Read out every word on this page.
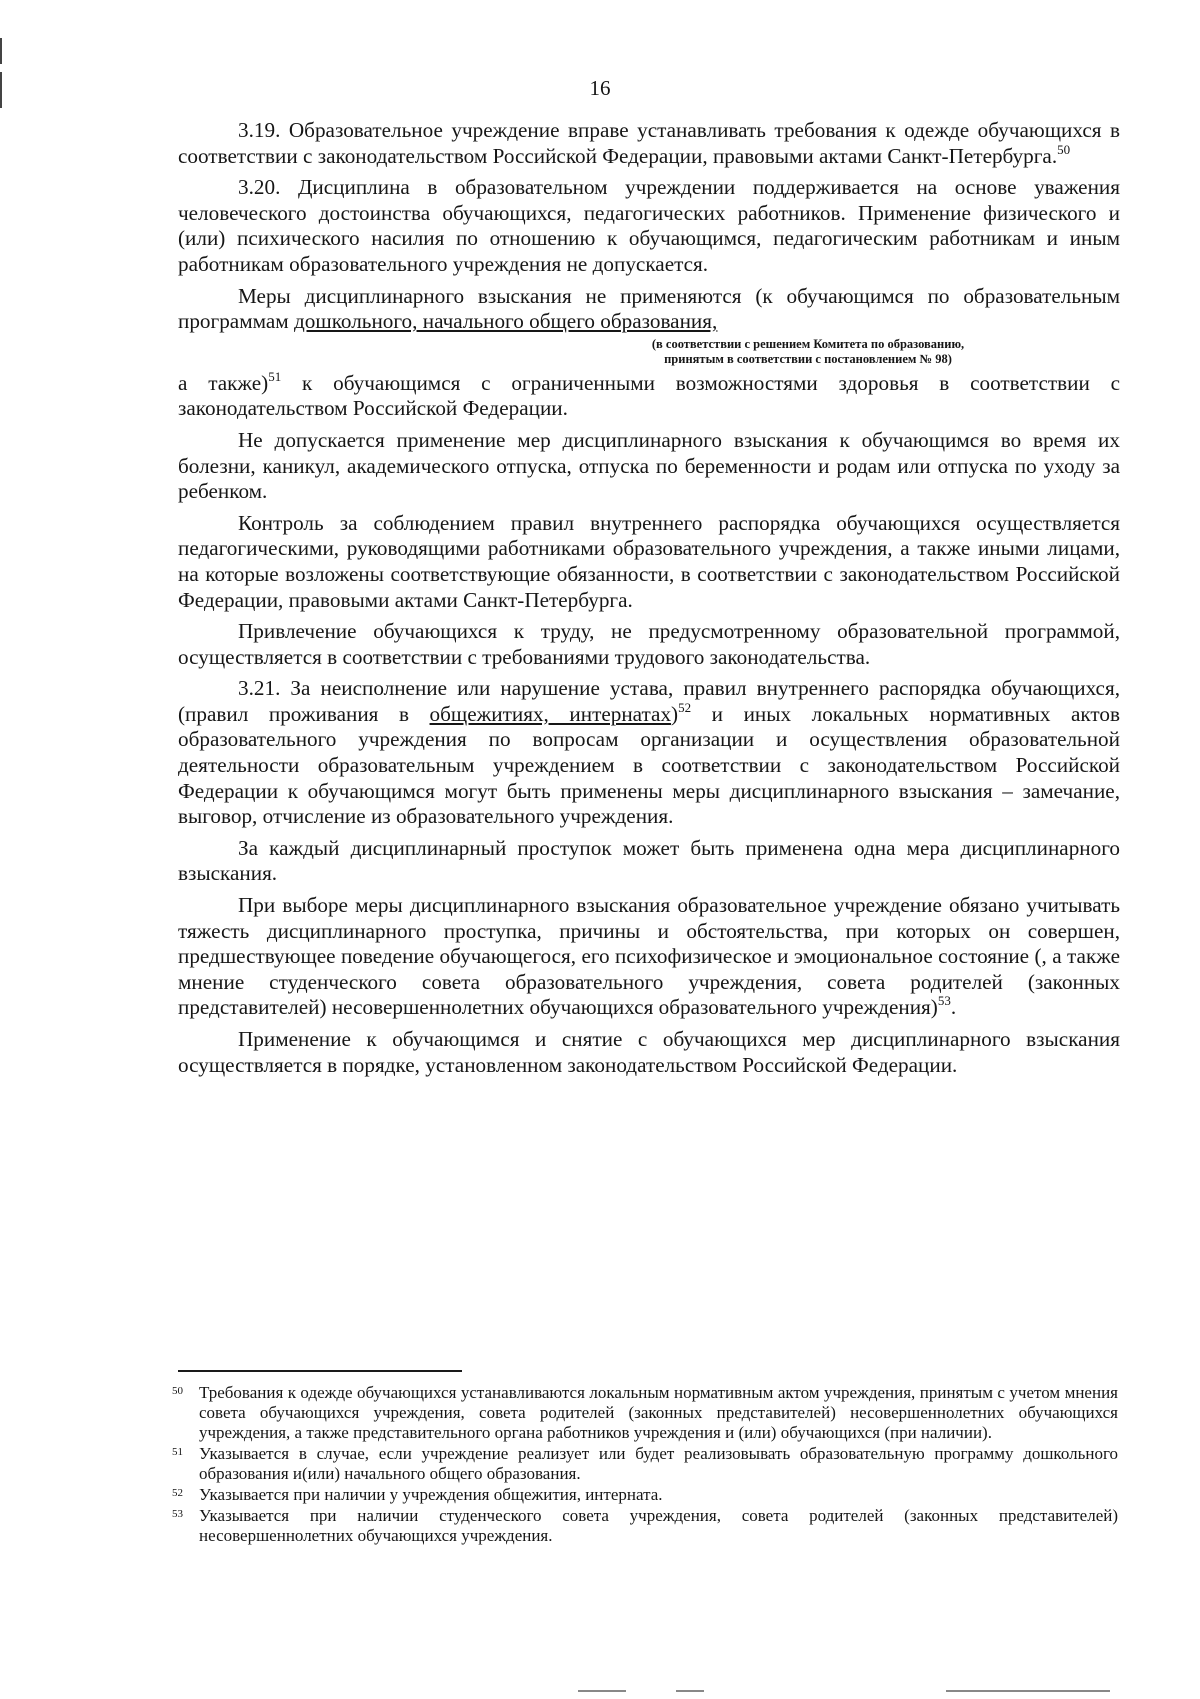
16

3.19. Образовательное учреждение вправе устанавливать требования к одежде обучающихся в соответствии с законодательством Российской Федерации, правовыми актами Санкт-Петербурга.$^{50}$

3.20. Дисциплина в образовательном учреждении поддерживается на основе уважения человеческого достоинства обучающихся, педагогических работников. Применение физического и (или) психического насилия по отношению к обучающимся, педагогическим работникам и иным работникам образовательного учреждения не допускается.

Меры дисциплинарного взыскания не применяются (к обучающимся по образовательным программам дошкольного, начального общего образования,
(в соответствии с решением Комитета по образованию,
принятым в соответствии с постановлением № 98)

а также)$^{51}$ к обучающимся с ограниченными возможностями здоровья в соответствии с законодательством Российской Федерации.

Не допускается применение мер дисциплинарного взыскания к обучающимся во время их болезни, каникул, академического отпуска, отпуска по беременности и родам или отпуска по уходу за ребенком.

Контроль за соблюдением правил внутреннего распорядка обучающихся осуществляется педагогическими, руководящими работниками образовательного учреждения, а также иными лицами, на которые возложены соответствующие обязанности, в соответствии с законодательством Российской Федерации, правовыми актами Санкт-Петербурга.

Привлечение обучающихся к труду, не предусмотренному образовательной программой, осуществляется в соответствии с требованиями трудового законодательства.

3.21. За неисполнение или нарушение устава, правил внутреннего распорядка обучающихся, (правил проживания в общежитиях, интернатах)$^{52}$ и иных локальных нормативных актов образовательного учреждения по вопросам организации и осуществления образовательной деятельности образовательным учреждением в соответствии с законодательством Российской Федерации к обучающимся могут быть применены меры дисциплинарного взыскания – замечание, выговор, отчисление из образовательного учреждения.

За каждый дисциплинарный проступок может быть применена одна мера дисциплинарного взыскания.

При выборе меры дисциплинарного взыскания образовательное учреждение обязано учитывать тяжесть дисциплинарного проступка, причины и обстоятельства, при которых он совершен, предшествующее поведение обучающегося, его психофизическое и эмоциональное состояние (, а также мнение студенческого совета образовательного учреждения, совета родителей (законных представителей) несовершеннолетних обучающихся образовательного учреждения)$^{53}$.

Применение к обучающимся и снятие с обучающихся мер дисциплинарного взыскания осуществляется в порядке, установленном законодательством Российской Федерации.

50 Требования к одежде обучающихся устанавливаются локальным нормативным актом учреждения, принятым с учетом мнения совета обучающихся учреждения, совета родителей (законных представителей) несовершеннолетних обучающихся учреждения, а также представительного органа работников учреждения и (или) обучающихся (при наличии).
51 Указывается в случае, если учреждение реализует или будет реализовывать образовательную программу дошкольного образования и(или) начального общего образования.
52 Указывается при наличии у учреждения общежития, интерната.
53 Указывается при наличии студенческого совета учреждения, совета родителей (законных представителей) несовершеннолетних обучающихся учреждения.
